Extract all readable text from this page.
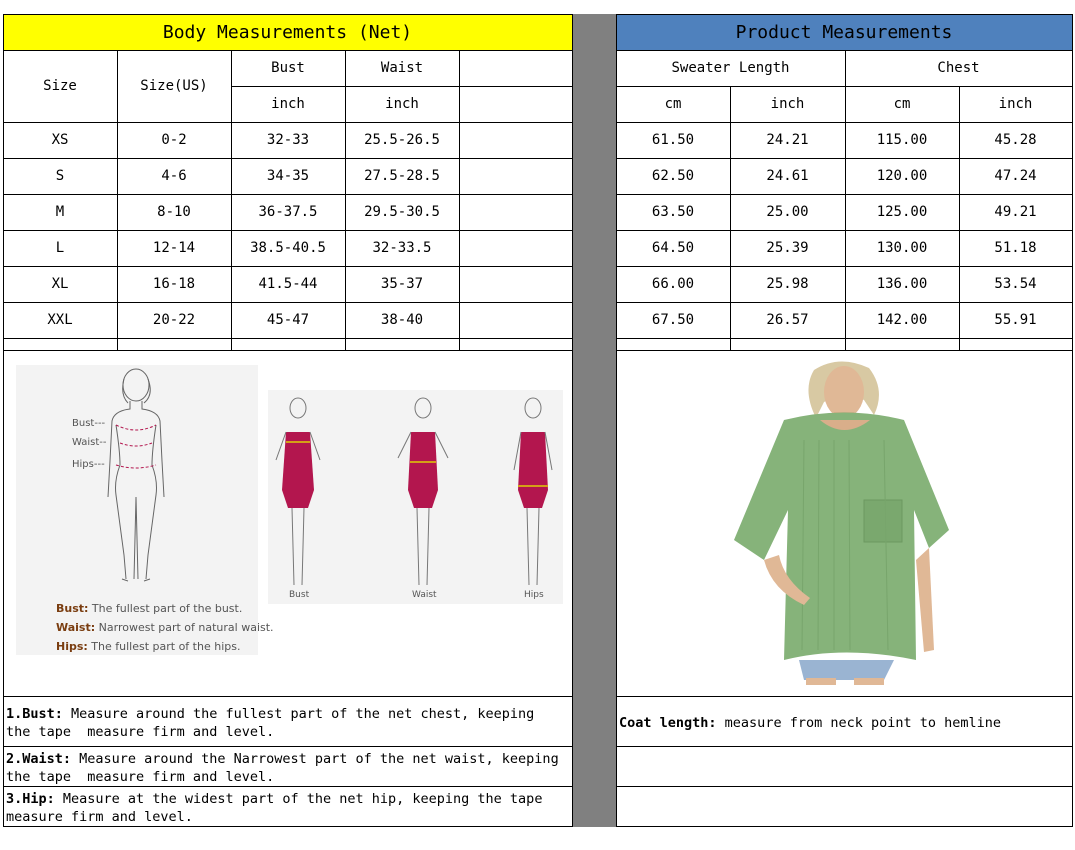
Body Measurements (Net)	Product Measurements
Size	Size(US)
Bust	Waist
inch	inch
Sweater Length	Chest
cm	inch	cm	inch
XS	0-2	32-33	25.5-26.5	61.50	24.21	115.00	45.28
S	4-6	34-35	27.5-28.5	62.50	24.61	120.00	47.24
M	8-10	36-37.5	29.5-30.5	63.50	25.00	125.00	49.21
L	12-14	38.5-40.5	32-33.5	64.50	25.39	130.00	51.18
XL	16-18	41.5-44	35-37	66.00	25.98	136.00	53.54
XXL	20-22	45-47	38-40	67.50	26.57	142.00	55.91
Bust---
Waist--
Hips---
Bust: The fullest part of the bust.
Waist: Narrowest part of natural waist.
Hips: The fullest part of the hips.
Bust	Waist	Hips
1.Bust: Measure around the fullest part of the net chest, keeping
the tape  measure firm and level.
2.Waist: Measure around the Narrowest part of the net waist, keeping
the tape  measure firm and level.
3.Hip: Measure at the widest part of the net hip, keeping the tape
measure firm and level.
Coat length: measure from neck point to hemline
